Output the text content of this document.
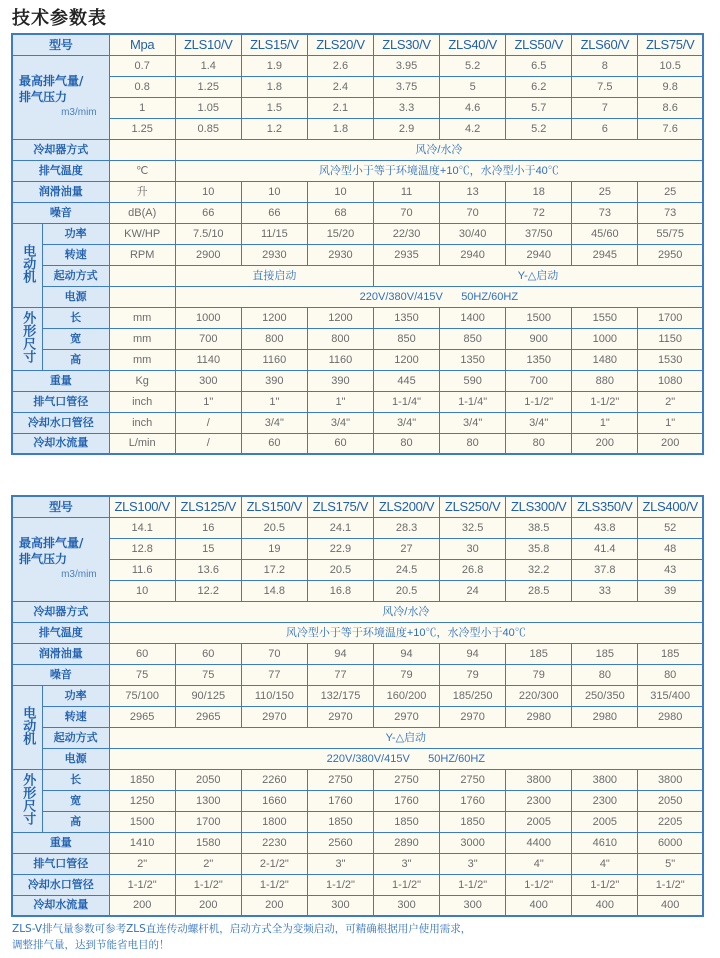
技术参数表
型号		Mpa	ZLS10/V	ZLS15/V	ZLS20/V	ZLS30/V	ZLS40/V	ZLS50/V	ZLS60/V	ZLS75/V

最高排气量/
排气压力
m3/mim		0.7	1.4	1.9	2.6	3.95	5.2	6.5	8	10.5
		0.8	1.25	1.8	2.4	3.75	5	6.2	7.5	9.8
		1	1.05	1.5	2.1	3.3	4.6	5.7	7	8.6
		1.25	0.85	1.2	1.8	2.9	4.2	5.2	6	7.6
冷却器方式			风冷/水冷							
排气温度		℃	风冷型小于等于环境温度+10℃，水冷型小于40℃							
润滑油量		升	10	10	10	11	13	18	25	25
噪音		dB(A)	66	66	68	70	70	72	73	73
电动机	功率	KW/HP	7.5/10	11/15	15/20	22/30	30/40	37/50	45/60	55/75
	转速	RPM	2900	2930	2930	2935	2940	2940	2945	2950
	起动方式		直接启动			Y-△启动				
	电源		220V/380V/415V      50HZ/60HZ							
外形尺寸	长	mm	1000	1200	1200	1350	1400	1500	1550	1700
	宽	mm	700	800	800	850	850	900	1000	1150
	高	mm	1140	1160	1160	1200	1350	1350	1480	1530
重量		Kg	300	390	390	445	590	700	880	1080
排气口管径		inch	1"	1"	1"	1-1/4"	1-1/4"	1-1/2"	1-1/2"	2"
冷却水口管径		inch	/	3/4"	3/4"	3/4"	3/4"	3/4"	1"	1"
冷却水流量		L/min	/	60	60	80	80	80	200	200
型号		ZLS100/V	ZLS125/V	ZLS150/V	ZLS175/V	ZLS200/V	ZLS250/V	ZLS300/V	ZLS350/V	ZLS400/V

最高排气量/
排气压力
m3/mim		14.1	16	20.5	24.1	28.3	32.5	38.5	43.8	52
		12.8	15	19	22.9	27	30	35.8	41.4	48
		11.6	13.6	17.2	20.5	24.5	26.8	32.2	37.8	43
		10	12.2	14.8	16.8	20.5	24	28.5	33	39
冷却器方式		风冷/水冷								
排气温度		风冷型小于等于环境温度+10℃，水冷型小于40℃								
润滑油量		60	60	70	94	94	94	185	185	185
噪音		75	75	77	77	79	79	79	80	80
电动机	功率	75/100	90/125	110/150	132/175	160/200	185/250	220/300	250/350	315/400
	转速	2965	2965	2970	2970	2970	2970	2980	2980	2980
	起动方式	Y-△启动								
	电源	220V/380V/415V      50HZ/60HZ								
外形尺寸	长	1850	2050	2260	2750	2750	2750	3800	3800	3800
	宽	1250	1300	1660	1760	1760	1760	2300	2300	2050
	高	1500	1700	1800	1850	1850	1850	2005	2005	2205
重量		1410	1580	2230	2560	2890	3000	4400	4610	6000
排气口管径		2"	2"	2-1/2"	3"	3"	3"	4"	4"	5"
冷却水口管径		1-1/2"	1-1/2"	1-1/2"	1-1/2"	1-1/2"	1-1/2"	1-1/2"	1-1/2"	1-1/2"
冷却水流量		200	200	200	300	300	300	400	400	400
ZLS-V排气量参数可参考ZLS直连传动螺杆机，启动方式全为变频启动，可精确根据用户使用需求，
调整排气量，达到节能省电目的！
